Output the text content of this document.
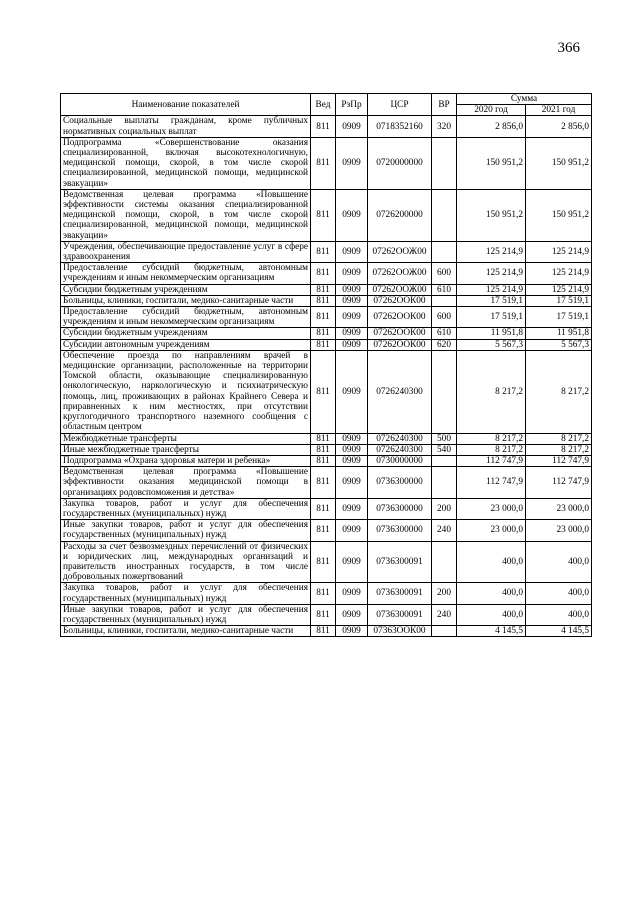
366
Наименование показателей	Вед	РзПр	ЦСР	ВР	Сумма	
					2020 год	2021 год
Социальные выплаты гражданам, кроме публичных нормативных социальных выплат	811	0909	0718352160	320	2 856,0	2 856,0
Подпрограмма «Совершенствование оказания специализированной, включая высокотехнологичную, медицинской помощи, скорой, в том числе скорой специализированной, медицинской помощи, медицинской эвакуации»	811	0909	0720000000		150 951,2	150 951,2
Ведомственная целевая программа «Повышение эффективности системы оказания специализированной медицинской помощи, скорой, в том числе скорой специализированной, медицинской помощи, медицинской эвакуации»	811	0909	0726200000		150 951,2	150 951,2
Учреждения, обеспечивающие предоставление услуг в сфере здравоохранения	811	0909	07262ООЖ00		125 214,9	125 214,9
Предоставление субсидий бюджетным, автономным учреждениям и иным некоммерческим организациям	811	0909	07262ООЖ00	600	125 214,9	125 214,9
Субсидии бюджетным учреждениям	811	0909	07262ООЖ00	610	125 214,9	125 214,9
Больницы, клиники, госпитали, медико-санитарные части	811	0909	07262ООК00		17 519,1	17 519,1
Предоставление субсидий бюджетным, автономным учреждениям и иным некоммерческим организациям	811	0909	07262ООК00	600	17 519,1	17 519,1
Субсидии бюджетным учреждениям	811	0909	07262ООК00	610	11 951,8	11 951,8
Субсидии автономным учреждениям	811	0909	07262ООК00	620	5 567,3	5 567,3
Обеспечение проезда по направлениям врачей в медицинские организации, расположенные на территории Томской области, оказывающие специализированную онкологическую, наркологическую и психиатрическую помощь, лиц, проживающих в районах Крайнего Севера и приравненных к ним местностях, при отсутствии круглогодичного транспортного наземного сообщения с областным центром	811	0909	0726240300		8 217,2	8 217,2
Межбюджетные трансферты	811	0909	0726240300	500	8 217,2	8 217,2
Иные межбюджетные трансферты	811	0909	0726240300	540	8 217,2	8 217,2
Подпрограмма «Охрана здоровья матери и ребенка»	811	0909	0730000000		112 747,9	112 747,9
Ведомственная целевая программа «Повышение эффективности оказания медицинской помощи в организациях родовспоможения и детства»	811	0909	0736300000		112 747,9	112 747,9
Закупка товаров, работ и услуг для обеспечения государственных (муниципальных) нужд	811	0909	0736300000	200	23 000,0	23 000,0
Иные закупки товаров, работ и услуг для обеспечения государственных (муниципальных) нужд	811	0909	0736300000	240	23 000,0	23 000,0
Расходы за счет безвозмездных перечислений от физических и юридических лиц, международных организаций и правительств иностранных государств, в том числе добровольных пожертвований	811	0909	0736300091		400,0	400,0
Закупка товаров, работ и услуг для обеспечения государственных (муниципальных) нужд	811	0909	0736300091	200	400,0	400,0
Иные закупки товаров, работ и услуг для обеспечения государственных (муниципальных) нужд	811	0909	0736300091	240	400,0	400,0
Больницы, клиники, госпитали, медико-санитарные части	811	0909	07363ООК00		4 145,5	4 145,5
